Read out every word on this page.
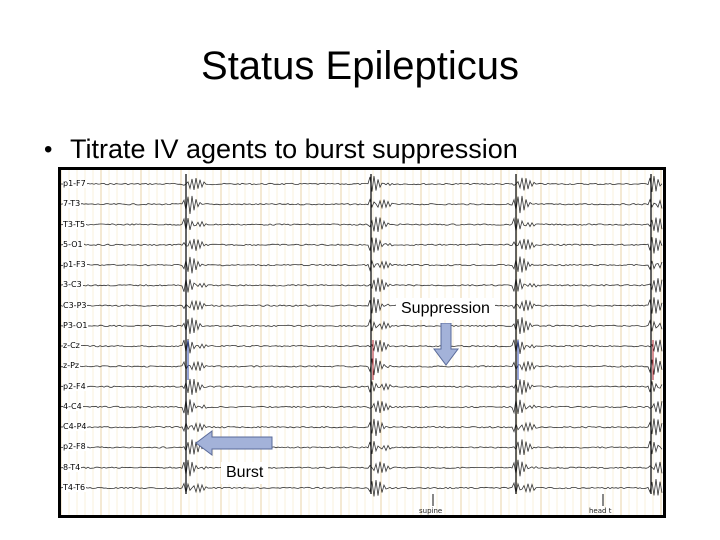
Status Epilepticus
• Titrate IV agents to burst suppression
Suppression
Burst
supine	head t
p1-F7
7-T3
T3-T5
5-O1
p1-F3
3-C3
C3-P3
P3-O1
z-Cz
z-Pz
p2-F4
4-C4
C4-P4
p2-F8
8-T4
T4-T6
